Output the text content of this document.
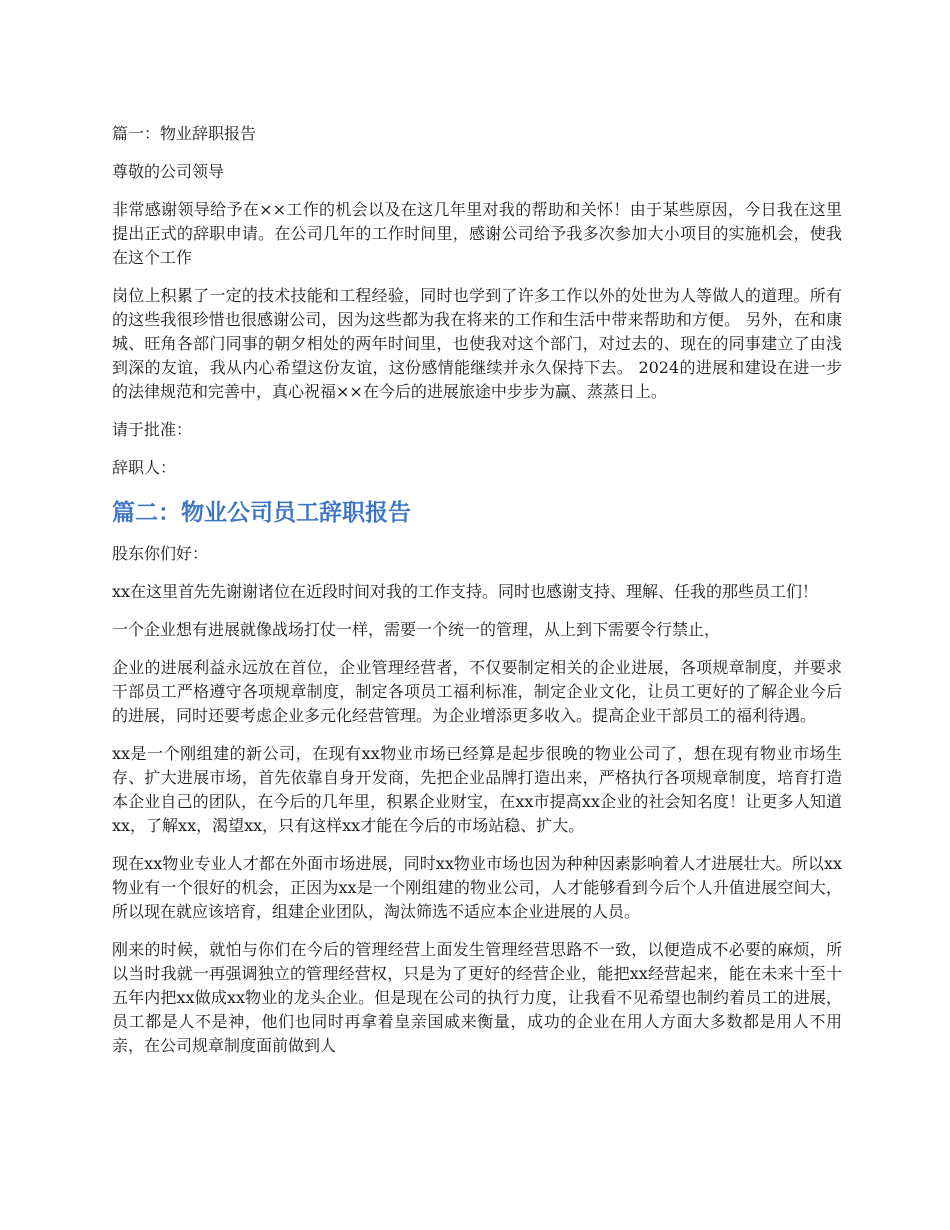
篇一：物业辞职报告

尊敬的公司领导

非常感谢领导给予在××工作的机会以及在这几年里对我的帮助和关怀！由于某些原因，今日我在这里提出正式的辞职申请。在公司几年的工作时间里，感谢公司给予我多次参加大小项目的实施机会，使我在这个工作

岗位上积累了一定的技术技能和工程经验，同时也学到了许多工作以外的处世为人等做人的道理。所有的这些我很珍惜也很感谢公司，因为这些都为我在将来的工作和生活中带来帮助和方便。 另外，在和康城、旺角各部门同事的朝夕相处的两年时间里，也使我对这个部门，对过去的、现在的同事建立了由浅到深的友谊，我从内心希望这份友谊，这份感情能继续并永久保持下去。 2024的进展和建设在进一步的法律规范和完善中，真心祝福××在今后的进展旅途中步步为赢、蒸蒸日上。

请于批准：

辞职人：

篇二：物业公司员工辞职报告

股东你们好：

xx在这里首先先谢谢诸位在近段时间对我的工作支持。同时也感谢支持、理解、任我的那些员工们！

一个企业想有进展就像战场打仗一样，需要一个统一的管理，从上到下需要令行禁止，

企业的进展利益永远放在首位，企业管理经营者，不仅要制定相关的企业进展，各项规章制度，并要求干部员工严格遵守各项规章制度，制定各项员工福利标准，制定企业文化，让员工更好的了解企业今后的进展，同时还要考虑企业多元化经营管理。为企业增添更多收入。提高企业干部员工的福利待遇。

xx是一个刚组建的新公司，在现有xx物业市场已经算是起步很晚的物业公司了，想在现有物业市场生存、扩大进展市场，首先依靠自身开发商，先把企业品牌打造出来，严格执行各项规章制度，培育打造本企业自己的团队，在今后的几年里，积累企业财宝，在xx市提高xx企业的社会知名度！让更多人知道xx，了解xx，渴望xx，只有这样xx才能在今后的市场站稳、扩大。

现在xx物业专业人才都在外面市场进展，同时xx物业市场也因为种种因素影响着人才进展壮大。所以xx物业有一个很好的机会，正因为xx是一个刚组建的物业公司，人才能够看到今后个人升值进展空间大，所以现在就应该培育，组建企业团队，淘汰筛选不适应本企业进展的人员。

刚来的时候，就怕与你们在今后的管理经营上面发生管理经营思路不一致，以便造成不必要的麻烦，所以当时我就一再强调独立的管理经营权，只是为了更好的经营企业，能把xx经营起来，能在未来十至十五年内把xx做成xx物业的龙头企业。但是现在公司的执行力度，让我看不见希望也制约着员工的进展，员工都是人不是神，他们也同时再拿着皇亲国戚来衡量，成功的企业在用人方面大多数都是用人不用亲，在公司规章制度面前做到人
